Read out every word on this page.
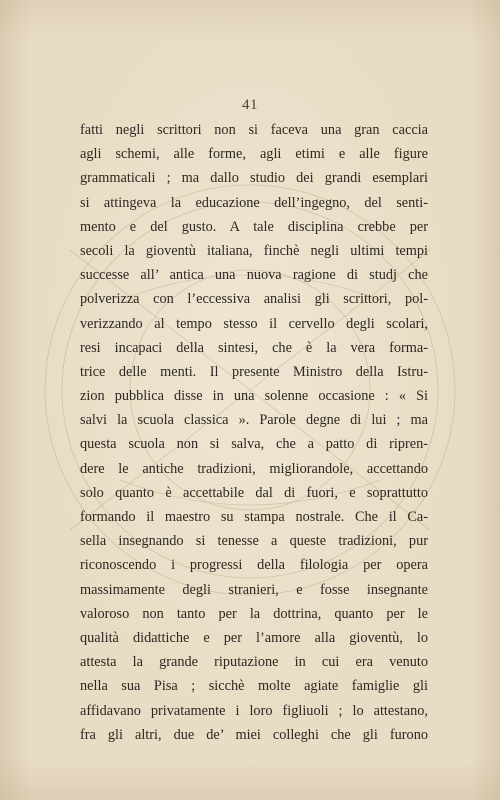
41
fatti negli scrittori non si faceva una gran caccia
agli schemi, alle forme, agli etimi e alle figure
grammaticali ; ma dallo studio dei grandi esemplari
si attingeva la educazione dell’ingegno, del senti-
mento e del gusto. A tale disciplina crebbe per
secoli la gioventù italiana, finchè negli ultimi tempi
successe all’ antica una nuova ragione di studj che
polverizza con l’eccessiva analisi gli scrittori, pol-
verizzando al tempo stesso il cervello degli scolari,
resi incapaci della sintesi, che è la vera forma-
trice delle menti. Il presente Ministro della Istru-
zion pubblica disse in una solenne occasione : « Si
salvi la scuola classica ». Parole degne di lui ; ma
questa scuola non si salva, che a patto di ripren-
dere le antiche tradizioni, migliorandole, accettando
solo quanto è accettabile dal di fuori, e soprattutto
formando il maestro su stampa nostrale. Che il Ca-
sella insegnando si tenesse a queste tradizioni, pur
riconoscendo i progressi della filologia per opera
massimamente degli stranieri, e fosse insegnante
valoroso non tanto per la dottrina, quanto per le
qualità didattiche e per l’amore alla gioventù, lo
attesta la grande riputazione in cui era venuto
nella sua Pisa ; sicchè molte agiate famiglie gli
affidavano privatamente i loro figliuoli ; lo attestano,
fra gli altri, due de’ miei colleghi che gli furono
